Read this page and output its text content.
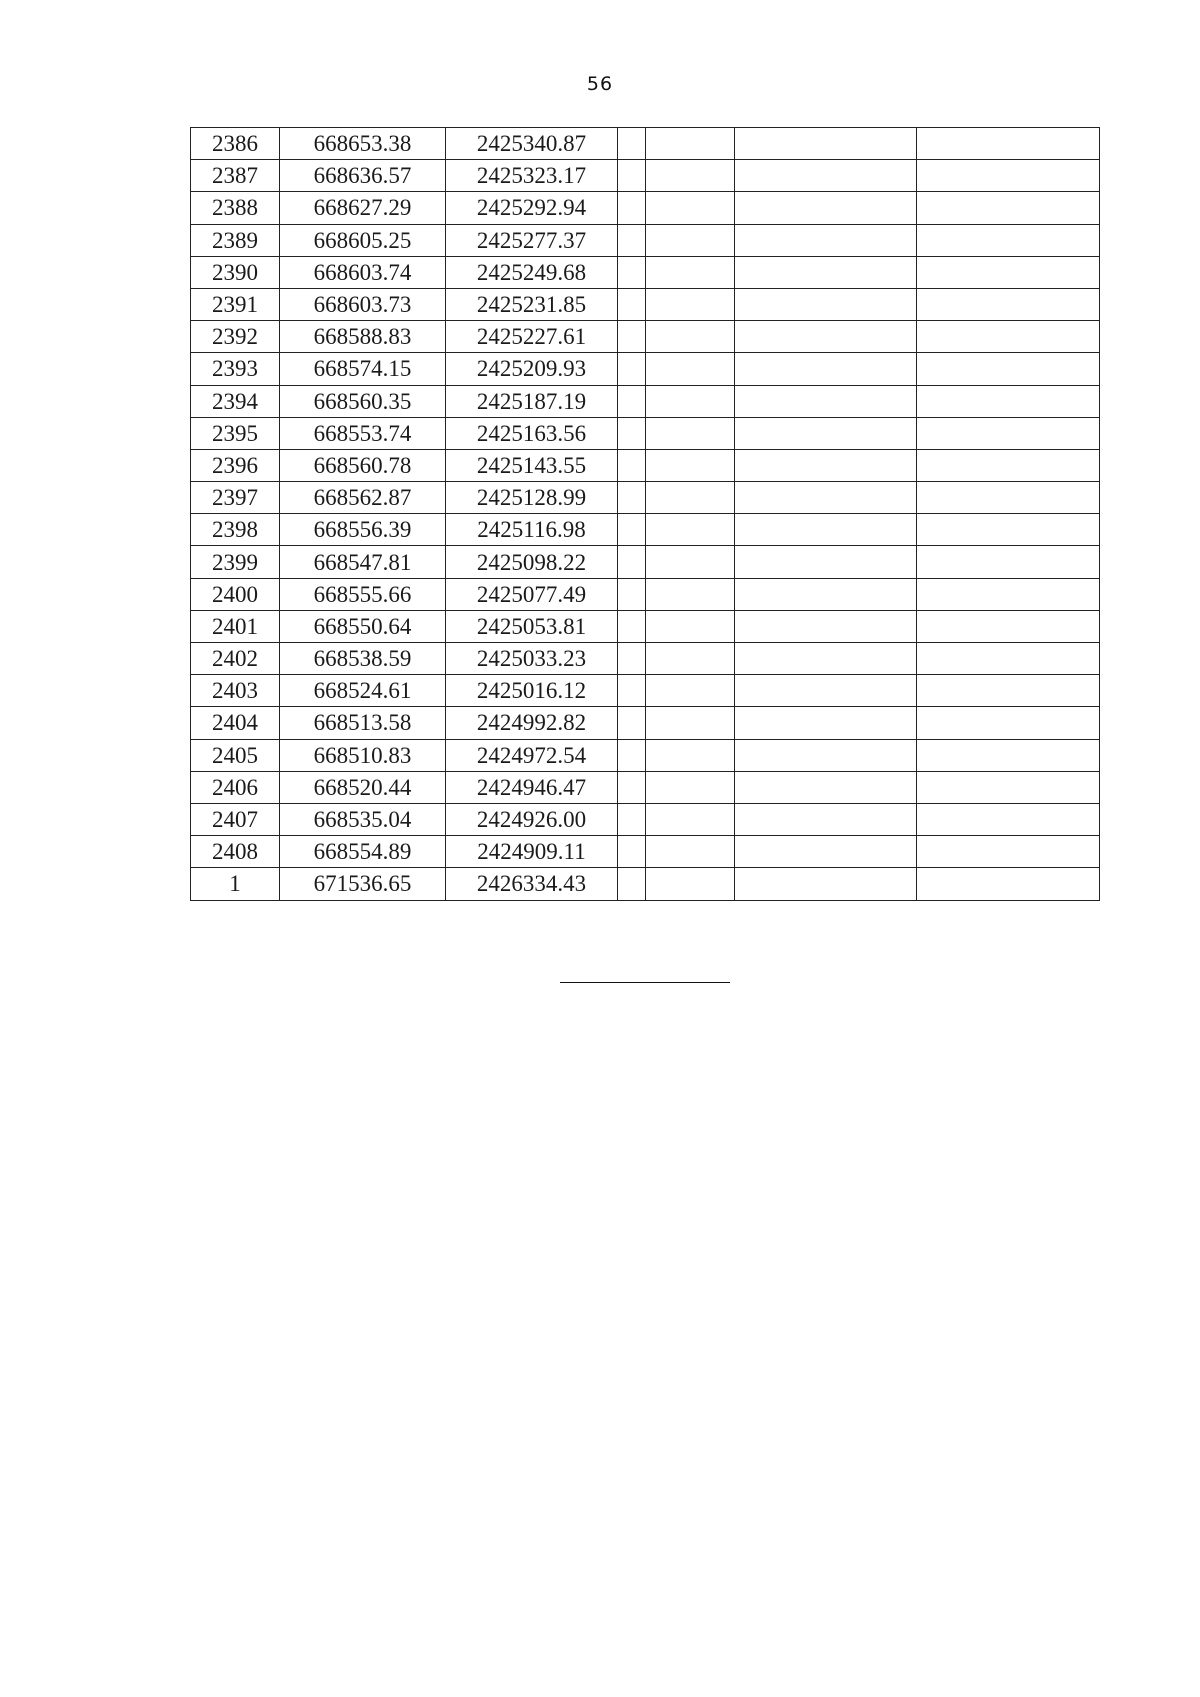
56
2386	668653.38	2425340.87				
2387	668636.57	2425323.17				
2388	668627.29	2425292.94				
2389	668605.25	2425277.37				
2390	668603.74	2425249.68				
2391	668603.73	2425231.85				
2392	668588.83	2425227.61				
2393	668574.15	2425209.93				
2394	668560.35	2425187.19				
2395	668553.74	2425163.56				
2396	668560.78	2425143.55				
2397	668562.87	2425128.99				
2398	668556.39	2425116.98				
2399	668547.81	2425098.22				
2400	668555.66	2425077.49				
2401	668550.64	2425053.81				
2402	668538.59	2425033.23				
2403	668524.61	2425016.12				
2404	668513.58	2424992.82				
2405	668510.83	2424972.54				
2406	668520.44	2424946.47				
2407	668535.04	2424926.00				
2408	668554.89	2424909.11				
1	671536.65	2426334.43				
